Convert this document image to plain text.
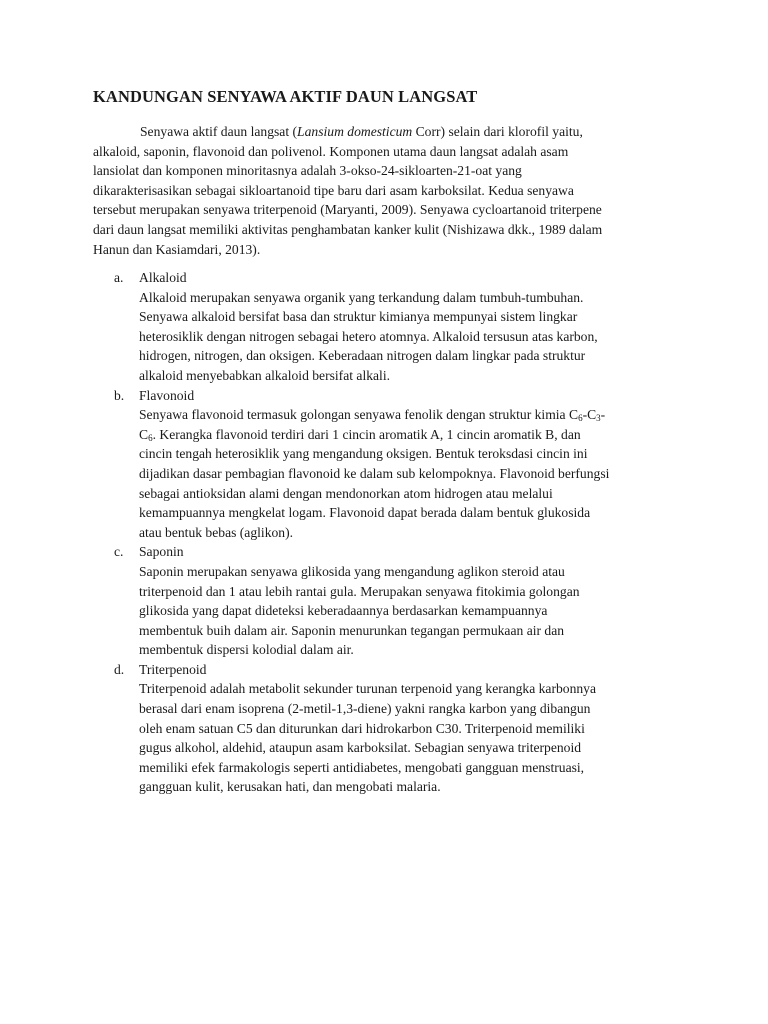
KANDUNGAN SENYAWA AKTIF DAUN LANGSAT
Senyawa aktif daun langsat (Lansium domesticum Corr) selain dari klorofil yaitu,
alkaloid, saponin, flavonoid dan polivenol. Komponen utama daun langsat adalah asam
lansiolat dan komponen minoritasnya adalah 3-okso-24-sikloarten-21-oat yang
dikarakterisasikan sebagai sikloartanoid tipe baru dari asam karboksilat. Kedua senyawa
tersebut merupakan senyawa triterpenoid (Maryanti, 2009). Senyawa cycloartanoid triterpene
dari daun langsat memiliki aktivitas penghambatan kanker kulit (Nishizawa dkk., 1989 dalam
Hanun dan Kasiamdari, 2013).
a. Alkaloid
Alkaloid merupakan senyawa organik yang terkandung dalam tumbuh-tumbuhan.
Senyawa alkaloid bersifat basa dan struktur kimianya mempunyai sistem lingkar
heterosiklik dengan nitrogen sebagai hetero atomnya. Alkaloid tersusun atas karbon,
hidrogen, nitrogen, dan oksigen. Keberadaan nitrogen dalam lingkar pada struktur
alkaloid menyebabkan alkaloid bersifat alkali.
b. Flavonoid
Senyawa flavonoid termasuk golongan senyawa fenolik dengan struktur kimia $C_6-C_3-$
$C_6$. Kerangka flavonoid terdiri dari 1 cincin aromatik A, 1 cincin aromatik B, dan
cincin tengah heterosiklik yang mengandung oksigen. Bentuk teroksdasi cincin ini
dijadikan dasar pembagian flavonoid ke dalam sub kelompoknya. Flavonoid berfungsi
sebagai antioksidan alami dengan mendonorkan atom hidrogen atau melalui
kemampuannya mengkelat logam. Flavonoid dapat berada dalam bentuk glukosida
atau bentuk bebas (aglikon).
c. Saponin
Saponin merupakan senyawa glikosida yang mengandung aglikon steroid atau
triterpenoid dan 1 atau lebih rantai gula. Merupakan senyawa fitokimia golongan
glikosida yang dapat dideteksi keberadaannya berdasarkan kemampuannya
membentuk buih dalam air. Saponin menurunkan tegangan permukaan air dan
membentuk dispersi kolodial dalam air.
d. Triterpenoid
Triterpenoid adalah metabolit sekunder turunan terpenoid yang kerangka karbonnya
berasal dari enam isoprena (2-metil-1,3-diene) yakni rangka karbon yang dibangun
oleh enam satuan C5 dan diturunkan dari hidrokarbon C30. Triterpenoid memiliki
gugus alkohol, aldehid, ataupun asam karboksilat. Sebagian senyawa triterpenoid
memiliki efek farmakologis seperti antidiabetes, mengobati gangguan menstruasi,
gangguan kulit, kerusakan hati, dan mengobati malaria.
